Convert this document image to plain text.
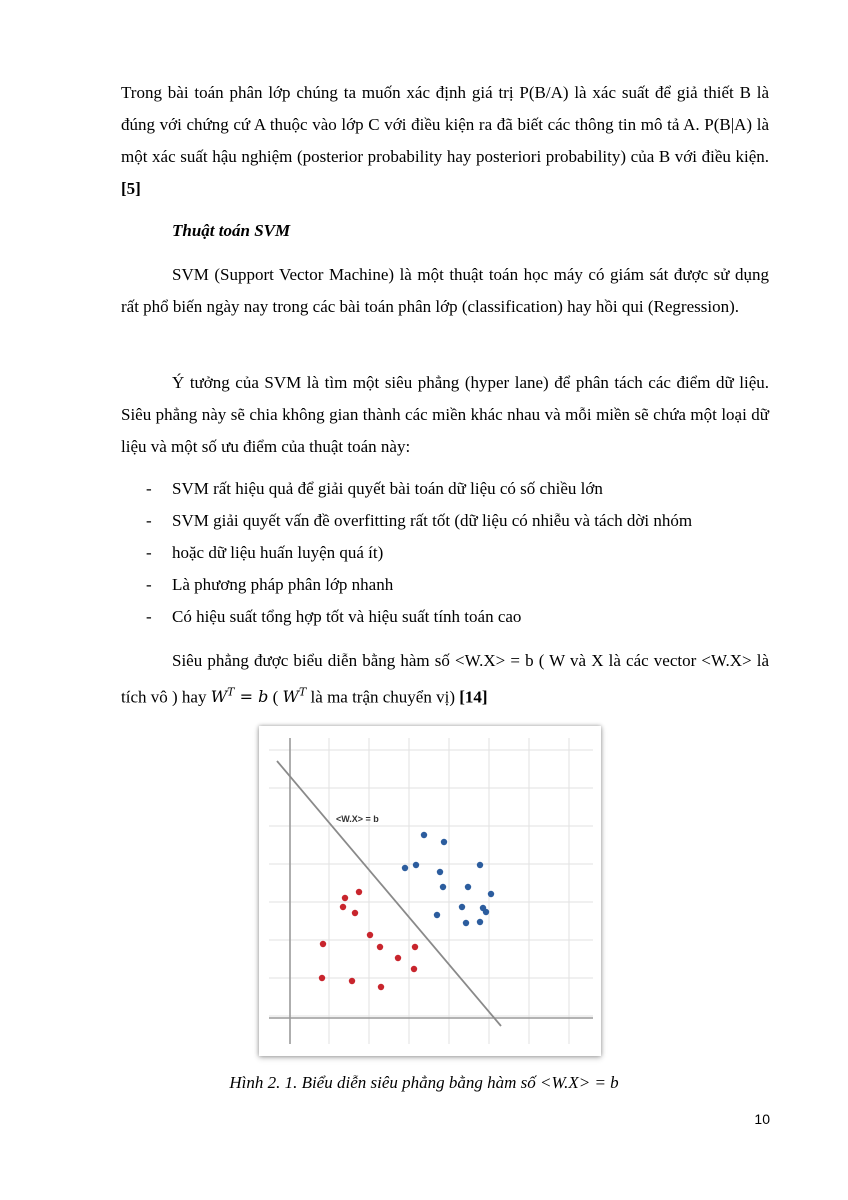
Trong bài toán phân lớp chúng ta muốn xác định giá trị P(B/A) là xác suất để giả thiết B là đúng với chứng cứ A thuộc vào lớp C với điều kiện ra đã biết các thông tin mô tả A. P(B|A) là một xác suất hậu nghiệm (posterior probability hay posteriori probability) của B với điều kiện. [5]

Thuật toán SVM

SVM (Support Vector Machine) là một thuật toán học máy có giám sát được sử dụng rất phổ biến ngày nay trong các bài toán phân lớp (classification) hay hồi qui (Regression).

Ý tưởng của SVM là tìm một siêu phẳng (hyper lane) để phân tách các điểm dữ liệu. Siêu phẳng này sẽ chia không gian thành các miền khác nhau và mỗi miền sẽ chứa một loại dữ liệu và một số ưu điểm của thuật toán này:

- SVM rất hiệu quả để giải quyết bài toán dữ liệu có số chiều lớn
- SVM giải quyết vấn đề overfitting rất tốt (dữ liệu có nhiễu và tách dời nhóm
- hoặc dữ liệu huấn luyện quá ít)
- Là phương pháp phân lớp nhanh
- Có hiệu suất tổng hợp tốt và hiệu suất tính toán cao

Siêu phẳng được biểu diễn bằng hàm số <W.X> = b ( W và X là các vector <W.X> là tích vô ) hay $W^T = b$ ( $W^T$ là ma trận chuyển vị) [14]

<W.X> = b

Hình 2. 1. Biểu diễn siêu phẳng bằng hàm số <W.X> = b

10
